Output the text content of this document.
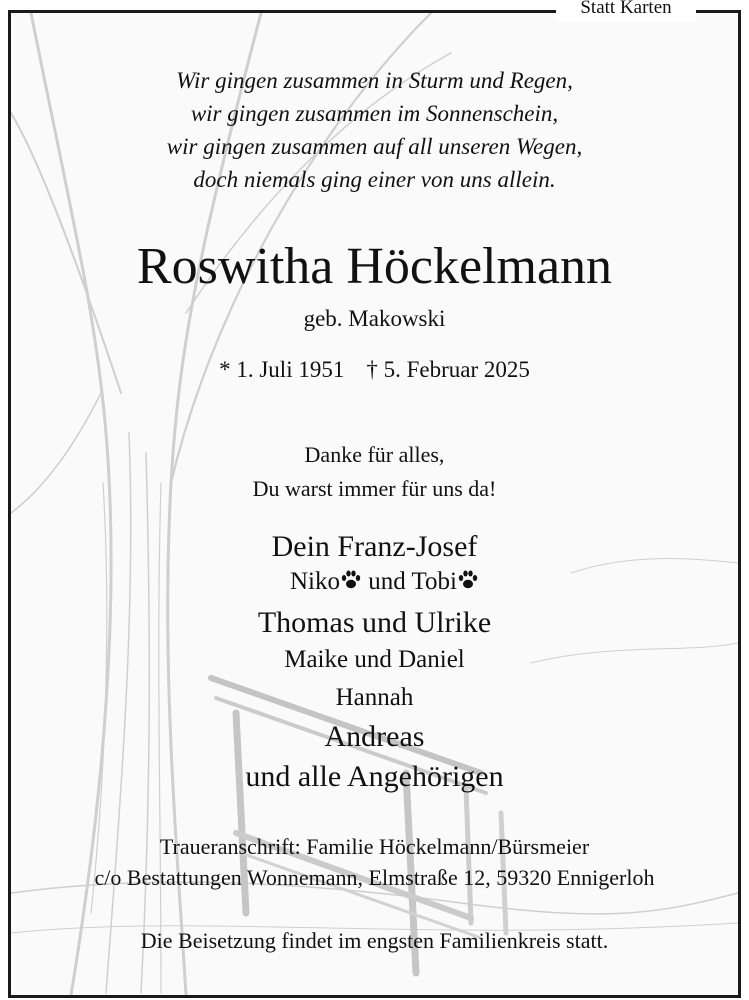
Statt Karten
Wir gingen zusammen in Sturm und Regen,
wir gingen zusammen im Sonnenschein,
wir gingen zusammen auf all unseren Wegen,
doch niemals ging einer von uns allein.
Roswitha Höckelmann
geb. Makowski
* 1. Juli 1951 † 5. Februar 2025
Danke für alles,
Du warst immer für uns da!
Dein Franz-Josef
Niko und Tobi
Thomas und Ulrike
Maike und Daniel
Hannah
Andreas
und alle Angehörigen
Traueranschrift: Familie Höckelmann/Bürsmeier
c/o Bestattungen Wonnemann, Elmstraße 12, 59320 Ennigerloh
Die Beisetzung findet im engsten Familienkreis statt.
